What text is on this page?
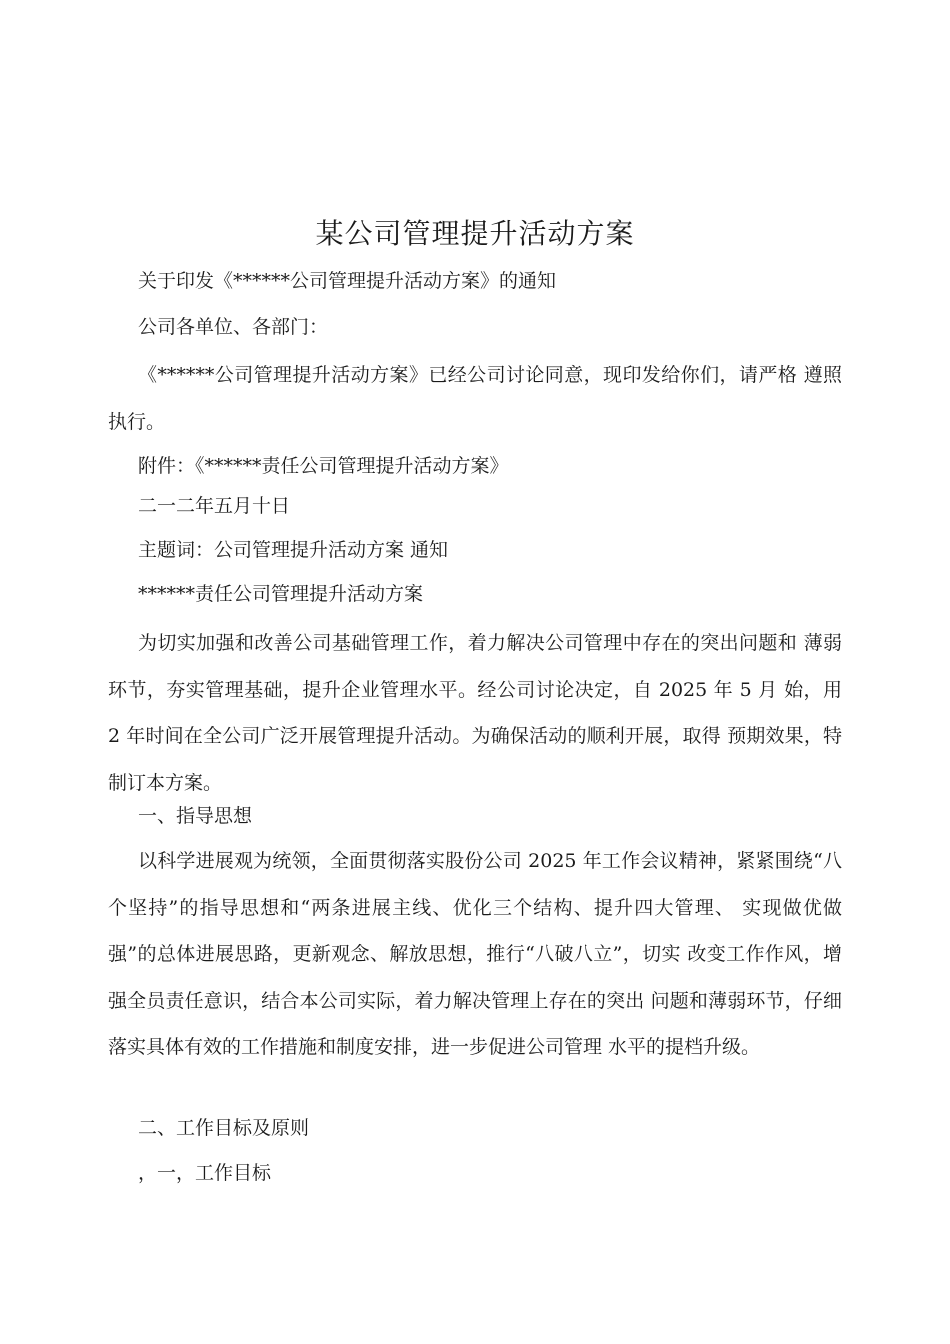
某公司管理提升活动方案

关于印发《******公司管理提升活动方案》的通知

公司各单位、各部门：

《******公司管理提升活动方案》已经公司讨论同意，现印发给你们，请严格 遵照执行。

附件：《******责任公司管理提升活动方案》

二一二年五月十日

主题词：公司管理提升活动方案 通知

******责任公司管理提升活动方案

为切实加强和改善公司基础管理工作，着力解决公司管理中存在的突出问题和 薄弱环节，夯实管理基础，提升企业管理水平。经公司讨论决定，自 2025 年 5 月 始，用 2 年时间在全公司广泛开展管理提升活动。为确保活动的顺利开展，取得 预期效果，特制订本方案。

一、指导思想

以科学进展观为统领，全面贯彻落实股份公司 2025 年工作会议精神，紧紧围绕“八个坚持”的指导思想和“两条进展主线、优化三个结构、提升四大管理、 实现做优做强”的总体进展思路，更新观念、解放思想，推行“八破八立”，切实 改变工作作风，增强全员责任意识，结合本公司实际，着力解决管理上存在的突出 问题和薄弱环节，仔细落实具体有效的工作措施和制度安排，进一步促进公司管理 水平的提档升级。

二、工作目标及原则

，一，工作目标
